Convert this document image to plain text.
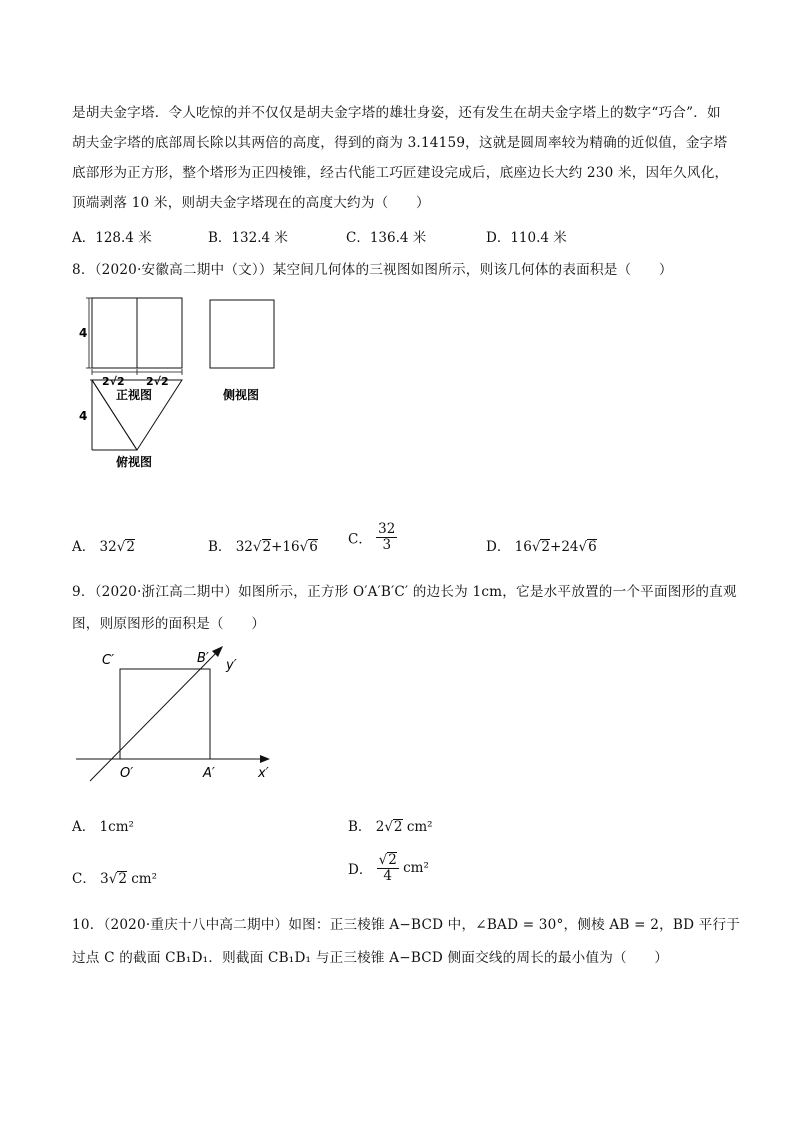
是胡夫金字塔．令人吃惊的并不仅仅是胡夫金字塔的雄壮身姿，还有发生在胡夫金字塔上的数字“巧合”．如
胡夫金字塔的底部周长除以其两倍的高度，得到的商为 3.14159，这就是圆周率较为精确的近似值，金字塔
底部形为正方形，整个塔形为正四棱锥，经古代能工巧匠建设完成后，底座边长大约 230 米，因年久风化，
顶端剥落 10 米，则胡夫金字塔现在的高度大约为（　　）
A．128.4 米	B．132.4 米	C．136.4 米	D．110.4 米
8．（2020·安徽高二期中（文））某空间几何体的三视图如图所示，则该几何体的表面积是（　　）
4
2√2 2√2
正视图	侧视图
4
俯视图
A． 32√2	B． 32√2+16√6 C． $\frac{32}{3}$	D． 16√2+24√6
9．（2020·浙江高二期中）如图所示，正方形 O′A′B′C′ 的边长为 1cm，它是水平放置的一个平面图形的直观
图，则原图形的面积是（　　）
C′	B′ y′
O′	A′	x′
A． 1cm²	B． 2√2 cm²
C． 3√2 cm²
D． $\frac{√2}{4} cm^2$
10．（2020·重庆十八中高二期中）如图：正三棱锥 A−BCD 中，∠BAD = 30°，侧棱 AB = 2，BD 平行于
过点 C 的截面 CB₁D₁．则截面 CB₁D₁ 与正三棱锥 A−BCD 侧面交线的周长的最小值为（　　）
